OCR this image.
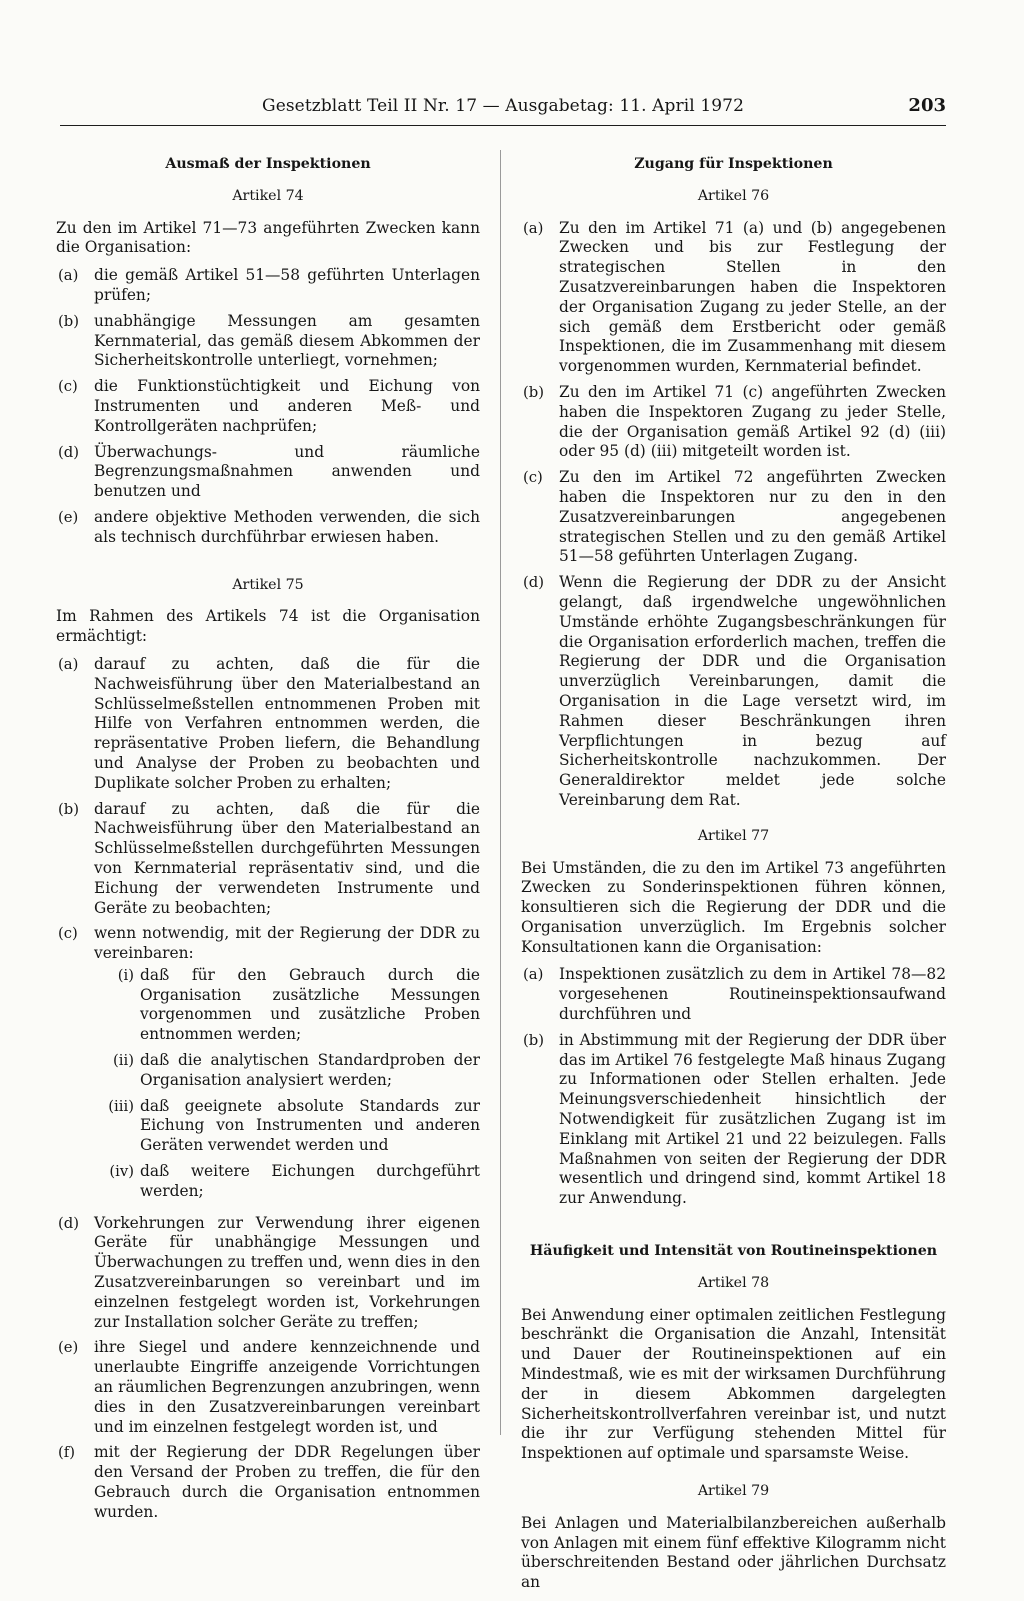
Gesetzblatt Teil II Nr. 17 — Ausgabetag: 11. April 1972	203
Ausmaß der Inspektionen
Artikel 74
Zu den im Artikel 71—73 angeführten Zwecken kann die Organisation:
(a)	die gemäß Artikel 51—58 geführten Unterlagen prüfen;
(b) unabhängige Messungen am gesamten Kernmaterial, das gemäß diesem Abkommen der Sicherheitskontrolle unterliegt, vornehmen;
(c)	die Funktionstüchtigkeit und Eichung von Instrumenten und anderen Meß- und Kontrollgeräten nachprüfen;
(d) Überwachungs- und räumliche Begrenzungsmaßnahmen anwenden und benutzen und
(e)	andere objektive Methoden verwenden, die sich als technisch durchführbar erwiesen haben.
Artikel 75
Im Rahmen des Artikels 74 ist die Organisation ermächtigt:
(a)	darauf zu achten, daß die für die Nachweisführung über den Materialbestand an Schlüsselmeßstellen entnommenen Proben mit Hilfe von Verfahren entnommen werden, die repräsentative Proben liefern, die Behandlung und Analyse der Proben zu beobachten und Duplikate solcher Proben zu erhalten;
(b) darauf zu achten, daß die für die Nachweisführung über den Materialbestand an Schlüsselmeßstellen durchgeführten Messungen von Kernmaterial repräsentativ sind, und die Eichung der verwendeten Instrumente und Geräte zu beobachten;
(c)	wenn notwendig, mit der Regierung der DDR zu vereinbaren:
(i) daß für den Gebrauch durch die Organisation zusätzliche Messungen vorgenommen und zusätzliche Proben entnommen werden;
(ii) daß die analytischen Standardproben der Organisation analysiert werden;
(iii) daß geeignete absolute Standards zur Eichung von Instrumenten und anderen Geräten verwendet werden und
(iv) daß weitere Eichungen durchgeführt werden;
(d) Vorkehrungen zur Verwendung ihrer eigenen Geräte für unabhängige Messungen und Überwachungen zu treffen und, wenn dies in den Zusatzvereinbarungen so vereinbart und im einzelnen festgelegt worden ist, Vorkehrungen zur Installation solcher Geräte zu treffen;
(e)	ihre Siegel und andere kennzeichnende und unerlaubte Eingriffe anzeigende Vorrichtungen an räumlichen Begrenzungen anzubringen, wenn dies in den Zusatzvereinbarungen vereinbart und im einzelnen festgelegt worden ist, und
(f)	mit der Regierung der DDR Regelungen über den Versand der Proben zu treffen, die für den Gebrauch durch die Organisation entnommen wurden.
Zugang für Inspektionen
Artikel 76
(a)	Zu den im Artikel 71 (a) und (b) angegebenen Zwecken und bis zur Festlegung der strategischen Stellen in den Zusatzvereinbarungen haben die Inspektoren der Organisation Zugang zu jeder Stelle, an der sich gemäß dem Erstbericht oder gemäß Inspektionen, die im Zusammenhang mit diesem vorgenommen wurden, Kernmaterial befindet.
(b) Zu den im Artikel 71 (c) angeführten Zwecken haben die Inspektoren Zugang zu jeder Stelle, die der Organisation gemäß Artikel 92 (d) (iii) oder 95 (d) (iii) mitgeteilt worden ist.
(c)	Zu den im Artikel 72 angeführten Zwecken haben die Inspektoren nur zu den in den Zusatzvereinbarungen angegebenen strategischen Stellen und zu den gemäß Artikel 51—58 geführten Unterlagen Zugang.
(d) Wenn die Regierung der DDR zu der Ansicht gelangt, daß irgendwelche ungewöhnlichen Umstände erhöhte Zugangsbeschränkungen für die Organisation erforderlich machen, treffen die Regierung der DDR und die Organisation unverzüglich Vereinbarungen, damit die Organisation in die Lage versetzt wird, im Rahmen dieser Beschränkungen ihren Verpflichtungen in bezug auf Sicherheitskontrolle nachzukommen. Der Generaldirektor meldet jede solche Vereinbarung dem Rat.
Artikel 77
Bei Umständen, die zu den im Artikel 73 angeführten Zwecken zu Sonderinspektionen führen können, konsultieren sich die Regierung der DDR und die Organisation unverzüglich. Im Ergebnis solcher Konsultationen kann die Organisation:
(a)	Inspektionen zusätzlich zu dem in Artikel 78—82 vorgesehenen Routineinspektionsaufwand durchführen und
(b) in Abstimmung mit der Regierung der DDR über das im Artikel 76 festgelegte Maß hinaus Zugang zu Informationen oder Stellen erhalten. Jede Meinungsverschiedenheit hinsichtlich der Notwendigkeit für zusätzlichen Zugang ist im Einklang mit Artikel 21 und 22 beizulegen. Falls Maßnahmen von seiten der Regierung der DDR wesentlich und dringend sind, kommt Artikel 18 zur Anwendung.
Häufigkeit und Intensität von Routineinspektionen
Artikel 78
Bei Anwendung einer optimalen zeitlichen Festlegung beschränkt die Organisation die Anzahl, Intensität und Dauer der Routineinspektionen auf ein Mindestmaß, wie es mit der wirksamen Durchführung der in diesem Abkommen dargelegten Sicherheitskontrollverfahren vereinbar ist, und nutzt die ihr zur Verfügung stehenden Mittel für Inspektionen auf optimale und sparsamste Weise.
Artikel 79
Bei Anlagen und Materialbilanzbereichen außerhalb von Anlagen mit einem fünf effektive Kilogramm nicht überschreitenden Bestand oder jährlichen Durchsatz an
